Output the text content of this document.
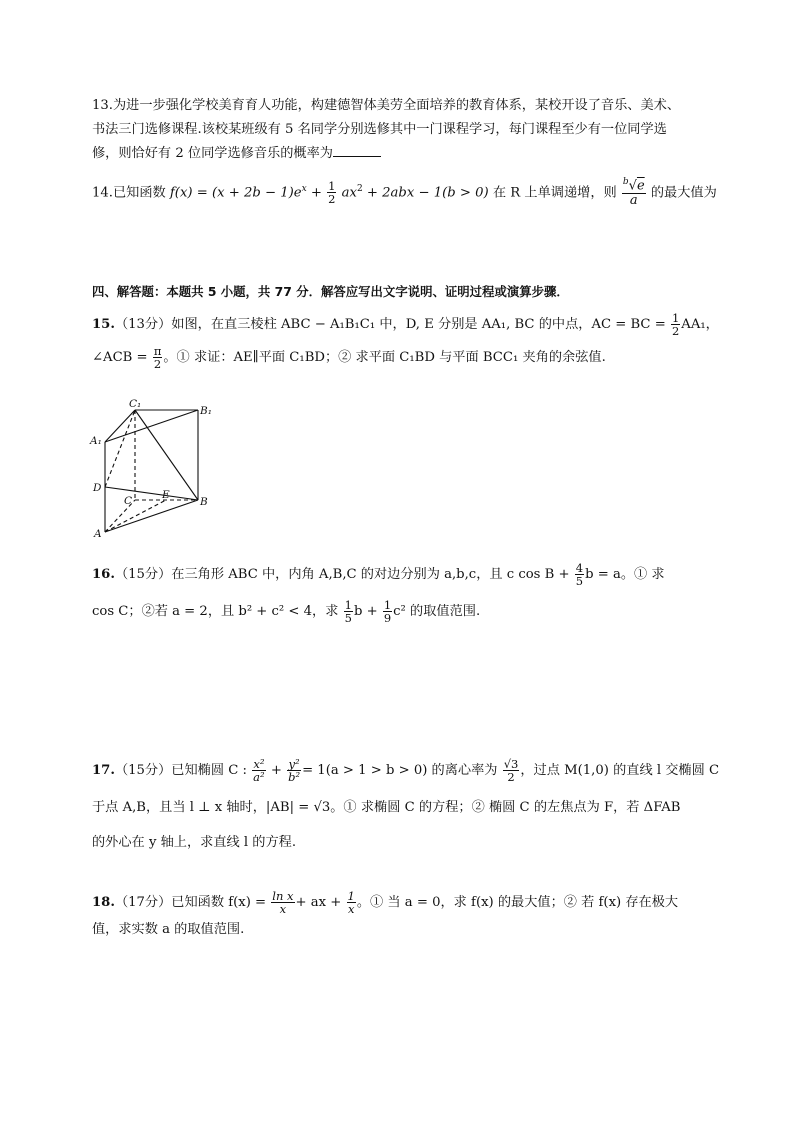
13.为进一步强化学校美育育人功能，构建德智体美劳全面培养的教育体系，某校开设了音乐、美术、

书法三门选修课程.该校某班级有 5 名同学分别选修其中一门课程学习，每门课程至少有一位同学选

修，则恰好有 2 位同学选修音乐的概率为

14.已知函数 $f(x) = (x + 2b - 1)e^x + \frac{1}{2} ax^2 + 2abx - 1(b > 0)$ 在 R 上单调递增，则 $\frac{^b√e}{a}$ 的最大值为
四、解答题：本题共 5 小题，共 77 分．解答应写出文字说明、证明过程或演算步骤．
15.（13分）如图，在直三棱柱 ABC − A₁B₁C₁ 中，D, E 分别是 AA₁, BC 的中点，AC = BC = $\frac{1}{2} AA_1$，
∠ACB = $\frac{\pi}{2}$ 。① 求证：AE∥平面 C₁BD；② 求平面 C₁BD 与平面 BCC₁ 夹角的余弦值.
C₁
B₁
A₁
D
C	E
B
A
16.（15分）在三角形 ABC 中，内角 A,B,C 的对边分别为 a,b,c，且 c $\cos B + \frac{4}{5}$ b = a。① 求
cos C；②若 a = 2，且 b² + c² < 4，求 $\frac{1}{5}$ $b + \frac{1}{9} c^2$ 的取值范围.
17.（15分）已知椭圆 C : $\frac{\text{x²}}{\text{a²}} + \frac{\text{y²}}{\text{b²}} = 1(a > 1 > b > 0)$ 的离心率为 $\frac{√3}{2}$ ，过点 M(1,0) 的直线 l 交椭圆 C
于点 A,B，且当 l ⊥ x 轴时，|AB| = √3。① 求椭圆 C 的方程；② 椭圆 C 的左焦点为 F，若 ΔFAB
的外心在 y 轴上，求直线 l 的方程.
18.（17分）已知函数 $f(x) = \frac{\text{ln x}}{x}$ + ax + $\frac{1}{x}$ 。① 当 a = 0，求 f(x) 的最大值；② 若 f(x) 存在极大
值，求实数 a 的取值范围.
